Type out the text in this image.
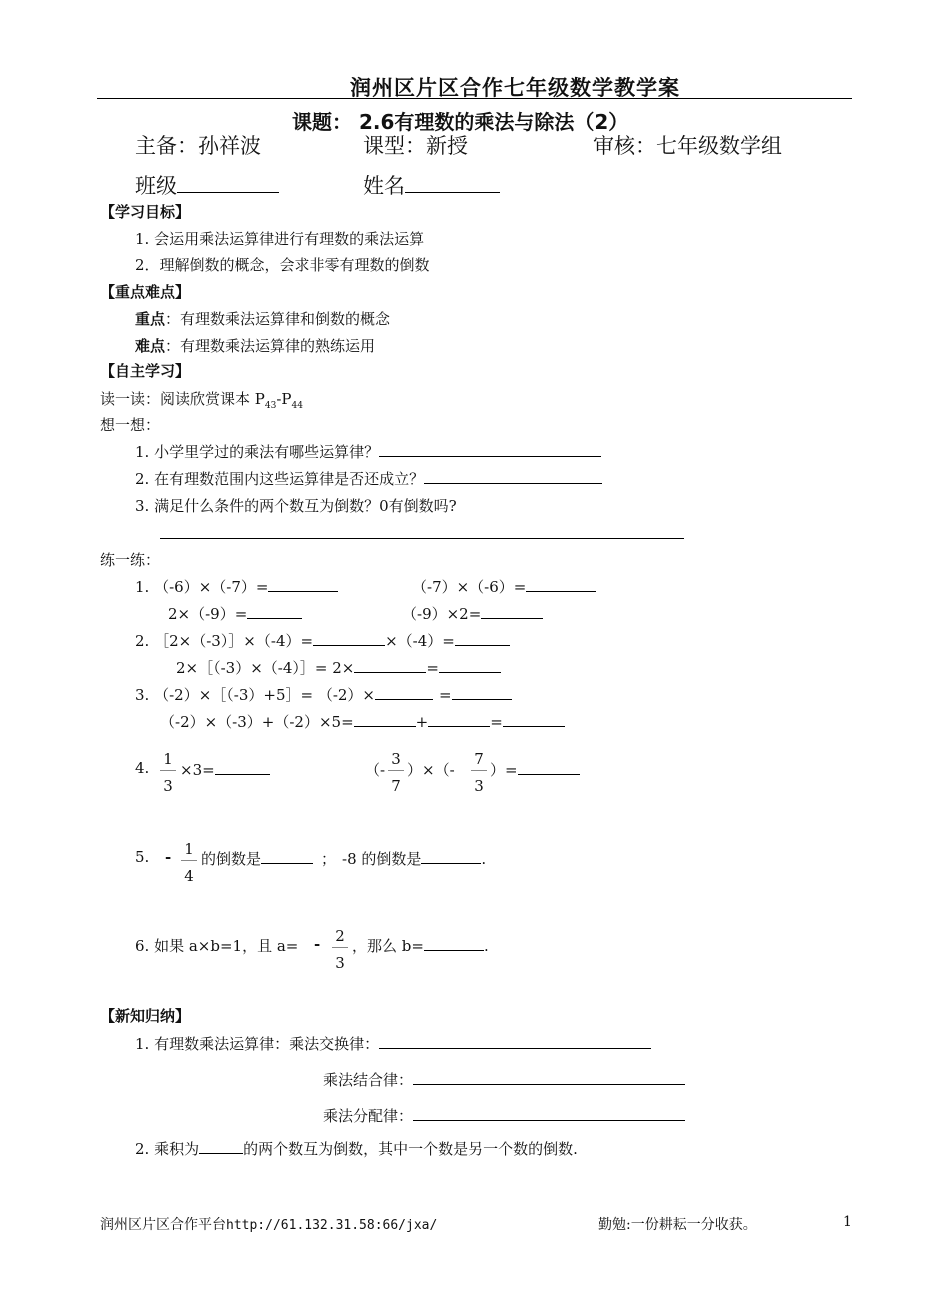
润州区片区合作七年级数学教学案
课题： 2.6有理数的乘法与除法（2）
主备：孙祥波	课型：新授	审核：七年级数学组
班级	姓名
【学习目标】
1. 会运用乘法运算律进行有理数的乘法运算
2．理解倒数的概念，会求非零有理数的倒数
【重点难点】
重点：有理数乘法运算律和倒数的概念
难点：有理数乘法运算律的熟练运用
【自主学习】
读一读：阅读欣赏课本 $P_{43}-P_{44}$
想一想：
1. 小学里学过的乘法有哪些运算律？
2. 在有理数范围内这些运算律是否还成立？
3. 满足什么条件的两个数互为倒数？0有倒数吗?
练一练：
1. （-6）×（-7）=	（-7）×（-6）=
2×（-9）=	（-9）×2=
2. ［2×（-3）］×（-4）=	×（-4）=
2×［（-3）×（-4）］= 2×	=
3. （-2）×［（-3）+5］= （-2）×	=
（-2）×（-3）+（-2）×5=	+	=
4. 1
3
×3=	（-
3
7
）×（-
7
3
）=
5. - 1
4
的倒数是	； -8 的倒数是	.
6. 如果 a×b=1，且 a= - 2
3
，那么 b=	.
【新知归纳】
1. 有理数乘法运算律：乘法交换律：
乘法结合律：
乘法分配律：
2. 乘积为	的两个数互为倒数，其中一个数是另一个数的倒数.
润州区片区合作平台http://61.132.31.58:66/jxa/	勤勉:一份耕耘一分收获。	1
